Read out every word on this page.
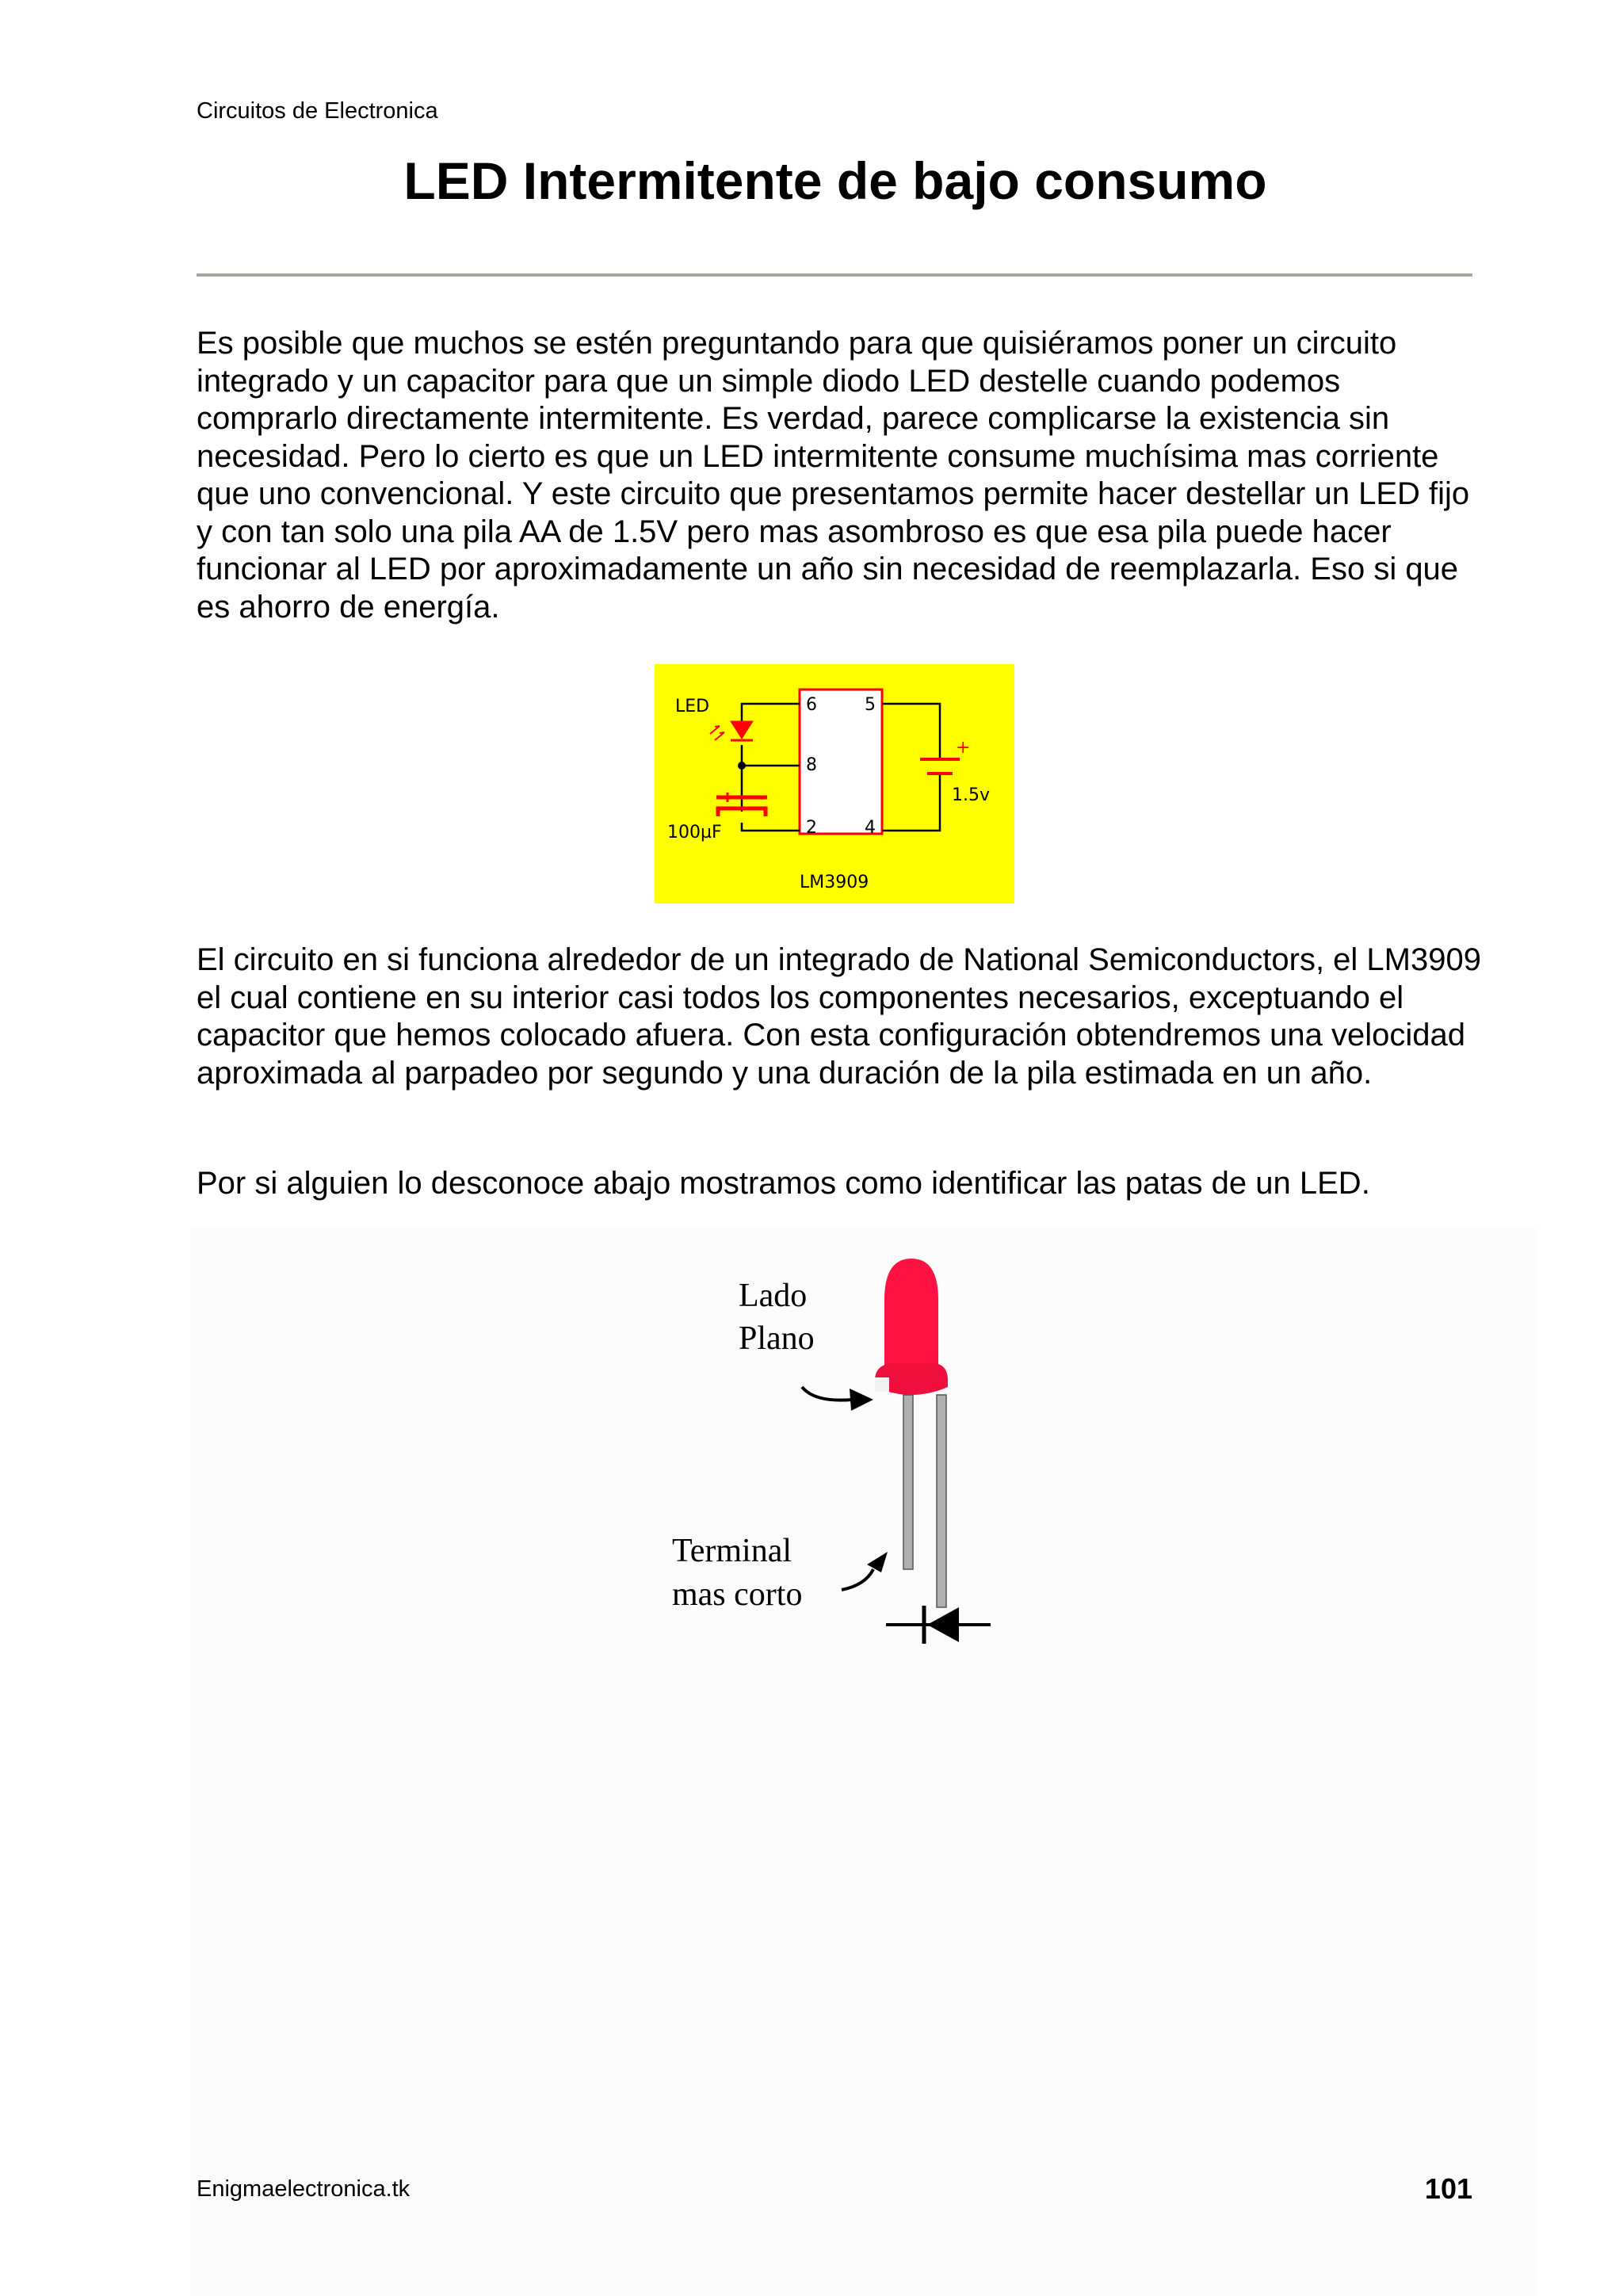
Circuitos de Electronica
LED Intermitente de bajo consumo

Es posible que muchos se estén preguntando para que quisiéramos poner un circuito integrado y un capacitor para que un simple diodo LED destelle cuando podemos comprarlo directamente intermitente. Es verdad, parece complicarse la existencia sin necesidad. Pero lo cierto es que un LED intermitente consume muchísima mas corriente que uno convencional. Y este circuito que presentamos permite hacer destellar un LED fijo y con tan solo una pila AA de 1.5V pero mas asombroso es que esa pila puede hacer funcionar al LED por aproximadamente un año sin necesidad de reemplazarla. Eso si que es ahorro de energía.

6	5
8
2	4
+
1.5v
LED
100µF
LM3909

El circuito en si funciona alrededor de un integrado de National Semiconductors, el LM3909 el cual contiene en su interior casi todos los componentes necesarios, exceptuando el capacitor que hemos colocado afuera. Con esta configuración obtendremos una velocidad aproximada al parpadeo por segundo y una duración de la pila estimada en un año.

Por si alguien lo desconoce abajo mostramos como identificar las patas de un LED.

Lado
Plano
Terminal
mas corto
Enigmaelectronica.tk	101
